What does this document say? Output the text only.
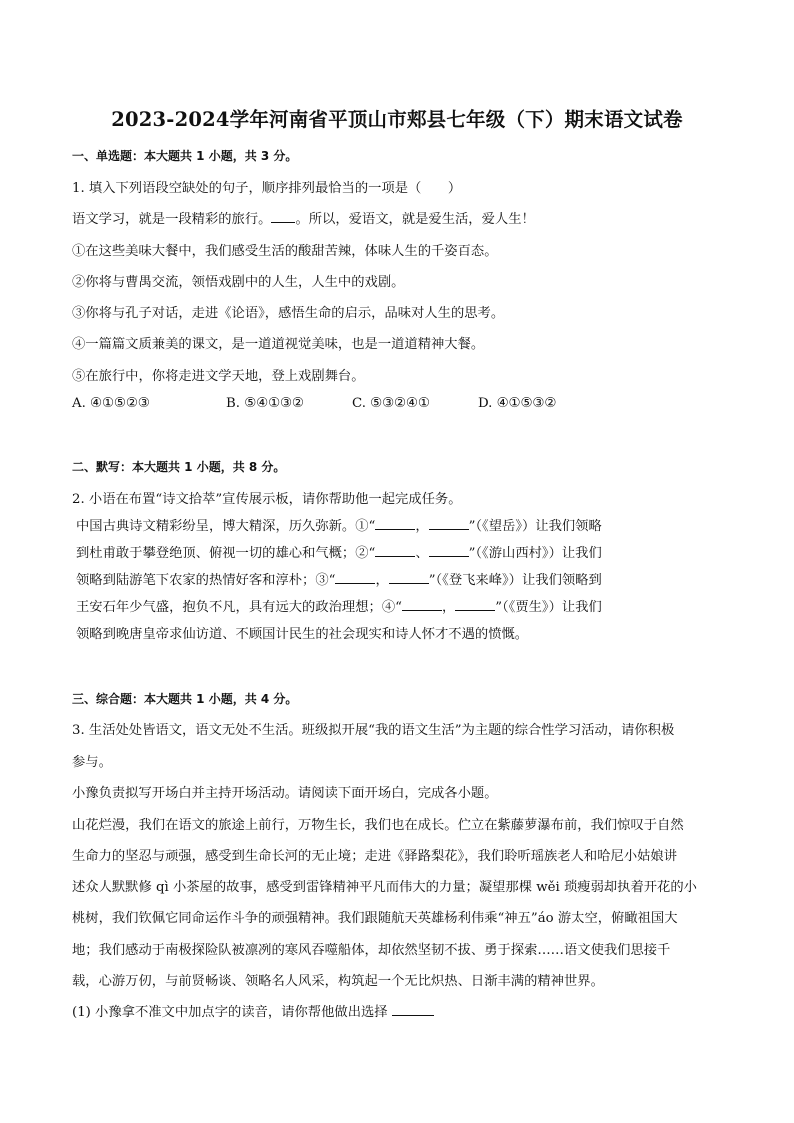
2023-2024学年河南省平顶山市郏县七年级（下）期末语文试卷
一、单选题：本大题共 1 小题，共 3 分。
1. 填入下列语段空缺处的句子，顺序排列最恰当的一项是（　　）
语文学习，就是一段精彩的旅行。 。所以，爱语文，就是爱生活，爱人生！
①在这些美味大餐中，我们感受生活的酸甜苦辣，体味人生的千姿百态。
②你将与曹禺交流，领悟戏剧中的人生，人生中的戏剧。
③你将与孔子对话，走进《论语》，感悟生命的启示，品味对人生的思考。
④一篇篇文质兼美的课文，是一道道视觉美味，也是一道道精神大餐。
⑤在旅行中，你将走进文学天地，登上戏剧舞台。
A. ④①⑤②③	B. ⑤④①③②	C. ⑤③②④①	D. ④①⑤③②
二、默写：本大题共 1 小题，共 8 分。
2. 小语在布置“诗文拾萃”宣传展示板，请你帮助他一起完成任务。
中国古典诗文精彩纷呈，博大精深，历久弥新。①“	，	”（《望岳》）让我们领略
到杜甫敢于攀登绝顶、俯视一切的雄心和气概；②“	、	”（《游山西村》）让我们
领略到陆游笔下农家的热情好客和淳朴；③“	，	”（《登飞来峰》）让我们领略到
王安石年少气盛，抱负不凡，具有远大的政治理想；④“	，	”（《贾生》）让我们
领略到晚唐皇帝求仙访道、不顾国计民生的社会现实和诗人怀才不遇的愤慨。
三、综合题：本大题共 1 小题，共 4 分。
3. 生活处处皆语文，语文无处不生活。班级拟开展“我的语文生活”为主题的综合性学习活动，请你积极
参与。
小豫负责拟写开场白并主持开场活动。请阅读下面开场白，完成各小题。
山花烂漫，我们在语文的旅途上前行，万物生长，我们也在成长。伫立在紫藤萝瀑布前，我们惊叹于自然
生命力的坚忍与顽强，感受到生命长河的无止境；走进《驿路梨花》，我们聆听瑶族老人和哈尼小姑娘讲
述众人默默修 qì 小茶屋的故事，感受到雷锋精神平凡而伟大的力量；凝望那棵 wěi 琐瘦弱却执着开花的小
桃树，我们钦佩它同命运作斗争的顽强精神。我们跟随航天英雄杨利伟乘“神五”áo 游太空，俯瞰祖国大
地；我们感动于南极探险队被凛冽的寒风吞噬船体，却依然坚韧不拔、勇于探索……语文使我们思接千
载，心游万仞，与前贤畅谈、领略名人风采，构筑起一个无比炽热、日渐丰满的精神世界。
(1) 小豫拿不准文中加点字的读音，请你帮他做出选择
